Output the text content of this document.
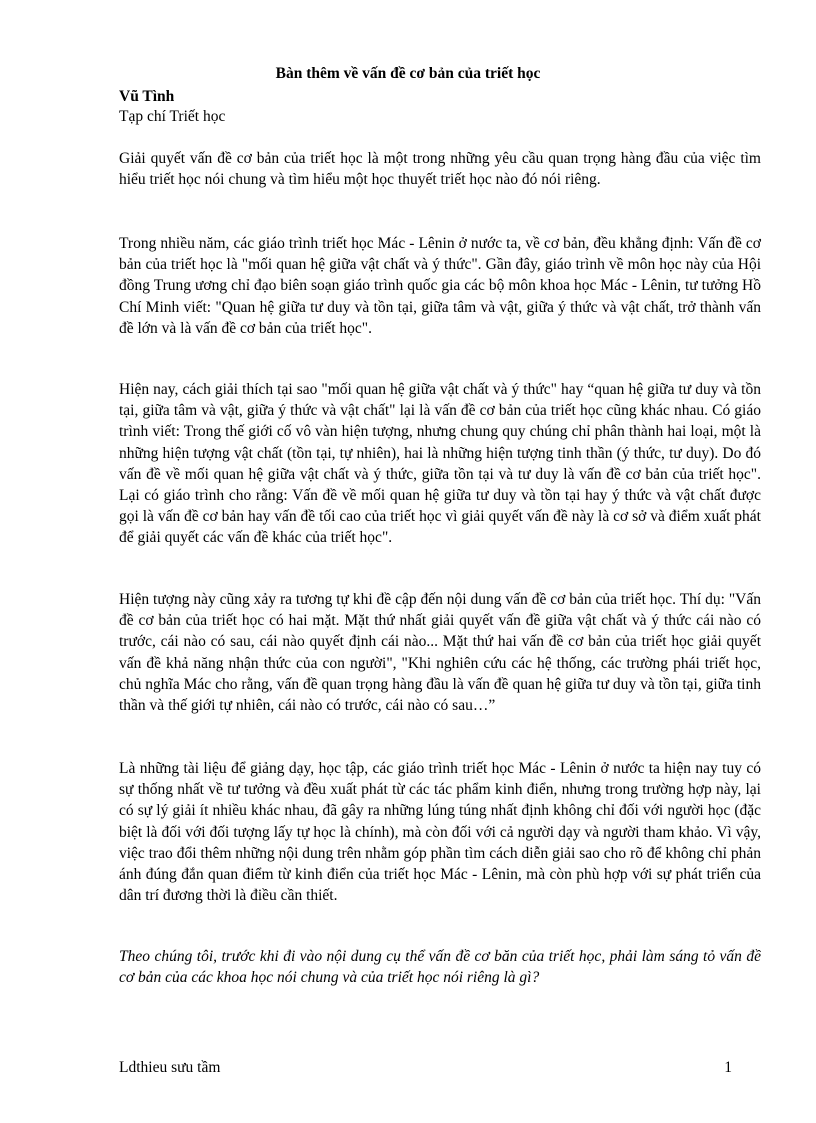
Bàn thêm về vấn đề cơ bản của triết học
Vũ Tình
Tạp chí Triết học

Giải quyết vấn đề cơ bản của triết học là một trong những yêu cầu quan trọng hàng đầu của việc tìm hiểu triết học nói chung và tìm hiểu một học thuyết triết học nào đó nói riêng.

Trong nhiều năm, các giáo trình triết học Mác - Lênin ở nước ta, về cơ bản, đều khẳng định: Vấn đề cơ bản của triết học là "mối quan hệ giữa vật chất và ý thức". Gần đây, giáo trình về môn học này của Hội đồng Trung ương chỉ đạo biên soạn giáo trình quốc gia các bộ môn khoa học Mác - Lênin, tư tưởng Hồ Chí Minh viết: "Quan hệ giữa tư duy và tồn tại, giữa tâm và vật, giữa ý thức và vật chất, trở thành vấn đề lớn và là vấn đề cơ bản của triết học".

Hiện nay, cách giải thích tại sao "mối quan hệ giữa vật chất và ý thức" hay “quan hệ giữa tư duy và tồn tại, giữa tâm và vật, giữa ý thức và vật chất" lại là vấn đề cơ bản của triết học cũng khác nhau. Có giáo trình viết: Trong thế giới cố vô vàn hiện tượng, nhưng chung quy chúng chỉ phân thành hai loại, một là những hiện tượng vật chất (tồn tại, tự nhiên), hai là những hiện tượng tinh thần (ý thức, tư duy). Do đó vấn đề về mối quan hệ giữa vật chất và ý thức, giữa tồn tại và tư duy là vấn đề cơ bản của triết học". Lại có giáo trình cho rằng: Vấn đề về mối quan hệ giữa tư duy và tồn tại hay ý thức và vật chất được gọi là vấn đề cơ bản hay vấn đề tối cao của triết học vì giải quyết vấn đề này là cơ sở và điểm xuất phát để giải quyết các vấn đề khác của triết học".

Hiện tượng này cũng xảy ra tương tự khi đề cập đến nội dung vấn đề cơ bản của triết học. Thí dụ: "Vấn đề cơ bản của triết học có hai mặt. Mặt thứ nhất giải quyết vấn đề giữa vật chất và ý thức cái nào có trước, cái nào có sau, cái nào quyết định cái nào... Mặt thứ hai vấn đề cơ bản của triết học giải quyết vấn đề khả năng nhận thức của con người", "Khi nghiên cứu các hệ thống, các trường phái triết học, chủ nghĩa Mác cho rằng, vấn đề quan trọng hàng đầu là vấn đề quan hệ giữa tư duy và tồn tại, giữa tinh thần và thế giới tự nhiên, cái nào có trước, cái nào có sau…”

Là những tài liệu để giảng dạy, học tập, các giáo trình triết học Mác - Lênin ở nước ta hiện nay tuy có sự thống nhất về tư tưởng và đều xuất phát từ các tác phẩm kinh điển, nhưng trong trường hợp này, lại có sự lý giải ít nhiều khác nhau, đã gây ra những lúng túng nhất định không chỉ đối với người học (đặc biệt là đối với đối tượng lấy tự học là chính), mà còn đối với cả người dạy và người tham khảo. Vì vậy, việc trao đổi thêm những nội dung trên nhằm góp phần tìm cách diễn giải sao cho rõ để không chỉ phản ánh đúng đắn quan điểm từ kinh điển của triết học Mác - Lênin, mà còn phù hợp với sự phát triển của dân trí đương thời là điều cần thiết.

Theo chúng tôi, trước khi đi vào nội dung cụ thể vấn đề cơ băn của triết học, phải làm sáng tỏ vấn đề cơ bản của các khoa học nói chung và của triết học nói riêng là gì?

Ldthieu sưu tầm	1
